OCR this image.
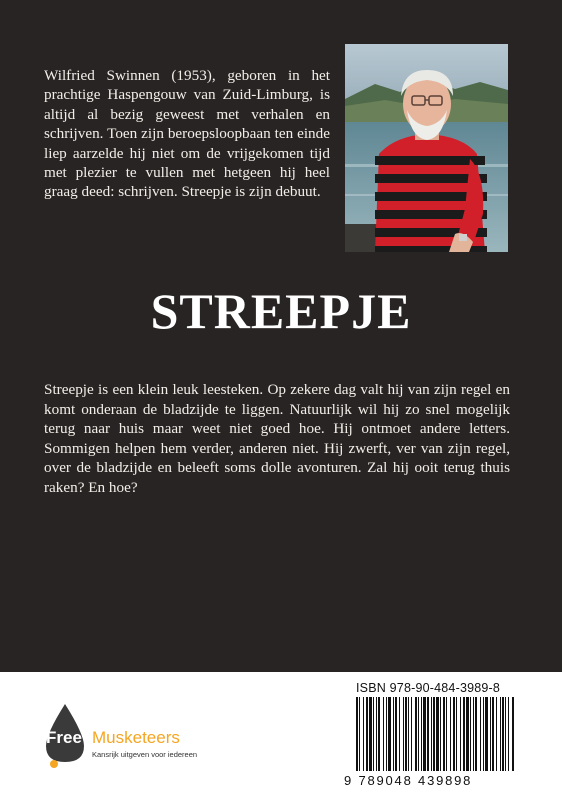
Wilfried Swinnen (1953), geboren in het prachtige Haspengouw van Zuid-Limburg, is altijd al bezig geweest met verhalen en schrijven. Toen zijn beroepsloopbaan ten einde liep aarzelde hij niet om de vrijgekomen tijd met plezier te vullen met hetgeen hij heel graag deed: schrijven. Streepje is zijn debuut.

STREEPJE

Streepje is een klein leuk leesteken. Op zekere dag valt hij van zijn regel en komt onderaan de bladzijde te liggen. Natuurlijk wil hij zo snel mogelijk terug naar huis maar weet niet goed hoe. Hij ontmoet andere letters. Sommigen helpen hem verder, anderen niet. Hij zwerft, ver van zijn regel, over de bladzijde en beleeft soms dolle avonturen. Zal hij ooit terug thuis raken? En hoe?

Free Musketeers
Kansrijk uitgeven voor iedereen
ISBN 978-90-484-3989-8
9 789048 439898
